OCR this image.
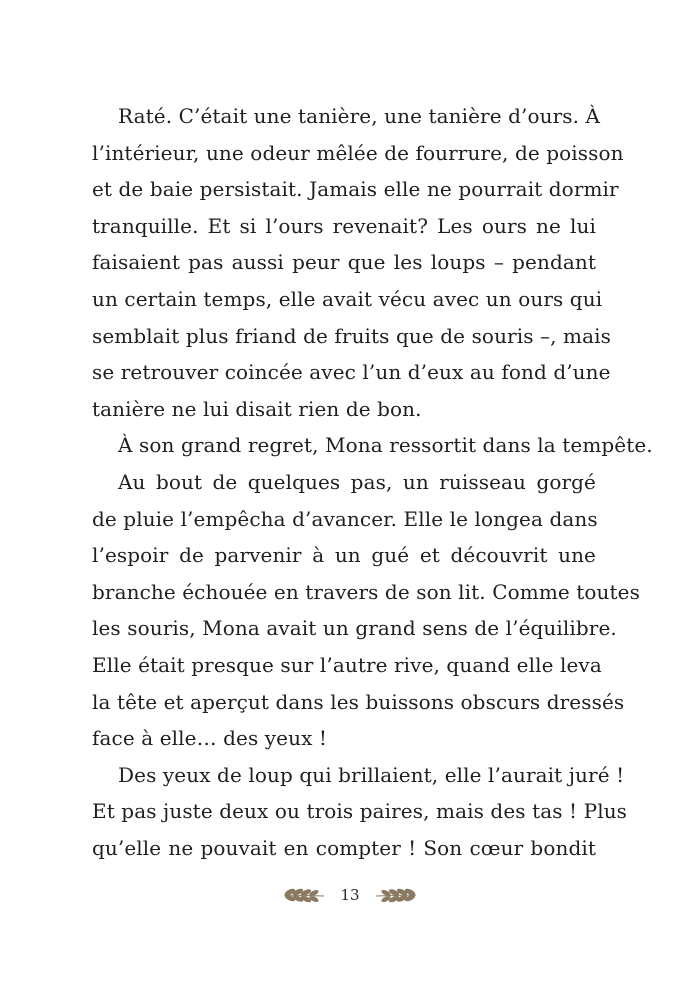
Raté. C’était une tanière, une tanière d’ours. À
l’intérieur, une odeur mêlée de fourrure, de poisson
et de baie persistait. Jamais elle ne pourrait dormir
tranquille. Et si l’ours revenait? Les ours ne lui
faisaient pas aussi peur que les loups – pendant
un certain temps, elle avait vécu avec un ours qui
semblait plus friand de fruits que de souris –, mais
se retrouver coincée avec l’un d’eux au fond d’une
tanière ne lui disait rien de bon.
À son grand regret, Mona ressortit dans la tempête.
Au bout de quelques pas, un ruisseau gorgé
de pluie l’empêcha d’avancer. Elle le longea dans
l’espoir de parvenir à un gué et découvrit une
branche échouée en travers de son lit. Comme toutes
les souris, Mona avait un grand sens de l’équilibre.
Elle était presque sur l’autre rive, quand elle leva
la tête et aperçut dans les buissons obscurs dressés
face à elle… des yeux !
Des yeux de loup qui brillaient, elle l’aurait juré !
Et pas juste deux ou trois paires, mais des tas ! Plus
qu’elle ne pouvait en compter ! Son cœur bondit
13
